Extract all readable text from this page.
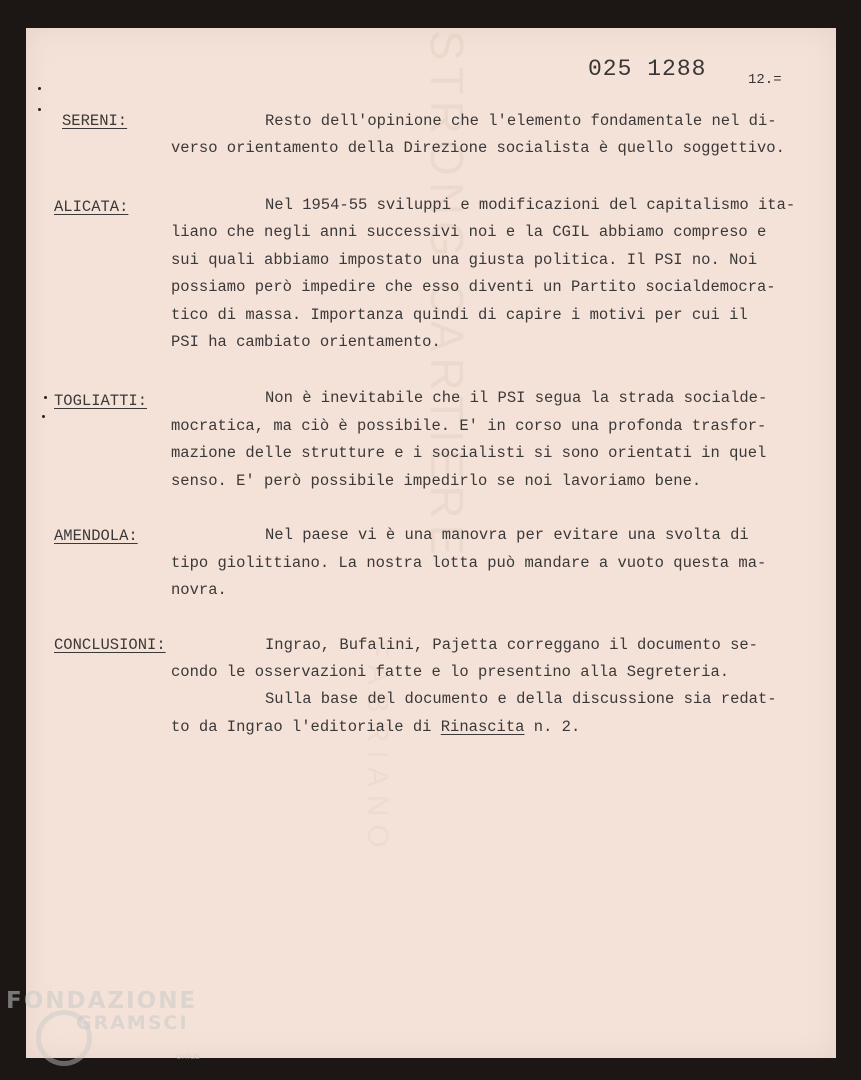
STRONG CARTIERE
FABRIANO
025 1288	12.=
SERENI:	Resto dell'opinione che l'elemento fondamentale nel di-
verso orientamento della Direzione socialista è quello soggettivo.
ALICATA:	Nel 1954-55 sviluppi e modificazioni del capitalismo ita-
liano che negli anni successivi noi e la CGIL abbiamo compreso e
sui quali abbiamo impostato una giusta politica. Il PSI no. Noi
possiamo però impedire che esso diventi un Partito socialdemocra-
tico di massa. Importanza quindi di capire i motivi per cui il
PSI ha cambiato orientamento.
TOGLIATTI:	Non è inevitabile che il PSI segua la strada socialde-
mocratica, ma ciò è possibile. E' in corso una profonda trasfor-
mazione delle strutture e i socialisti si sono orientati in quel
senso. E' però possibile impedirlo se noi lavoriamo bene.
AMENDOLA:	Nel paese vi è una manovra per evitare una svolta di
tipo giolittiano. La nostra lotta può mandare a vuoto questa ma-
novra.
CONCLUSIONI:	Ingrao, Bufalini, Pajetta correggano il documento se-
condo le osservazioni fatte e lo presentino alla Segreteria.
Sulla base del documento e della discussione sia redat-
to da Ingrao l'editoriale di Rinascita n. 2.
FONDAZIONE
GRAMSCI
onlus
